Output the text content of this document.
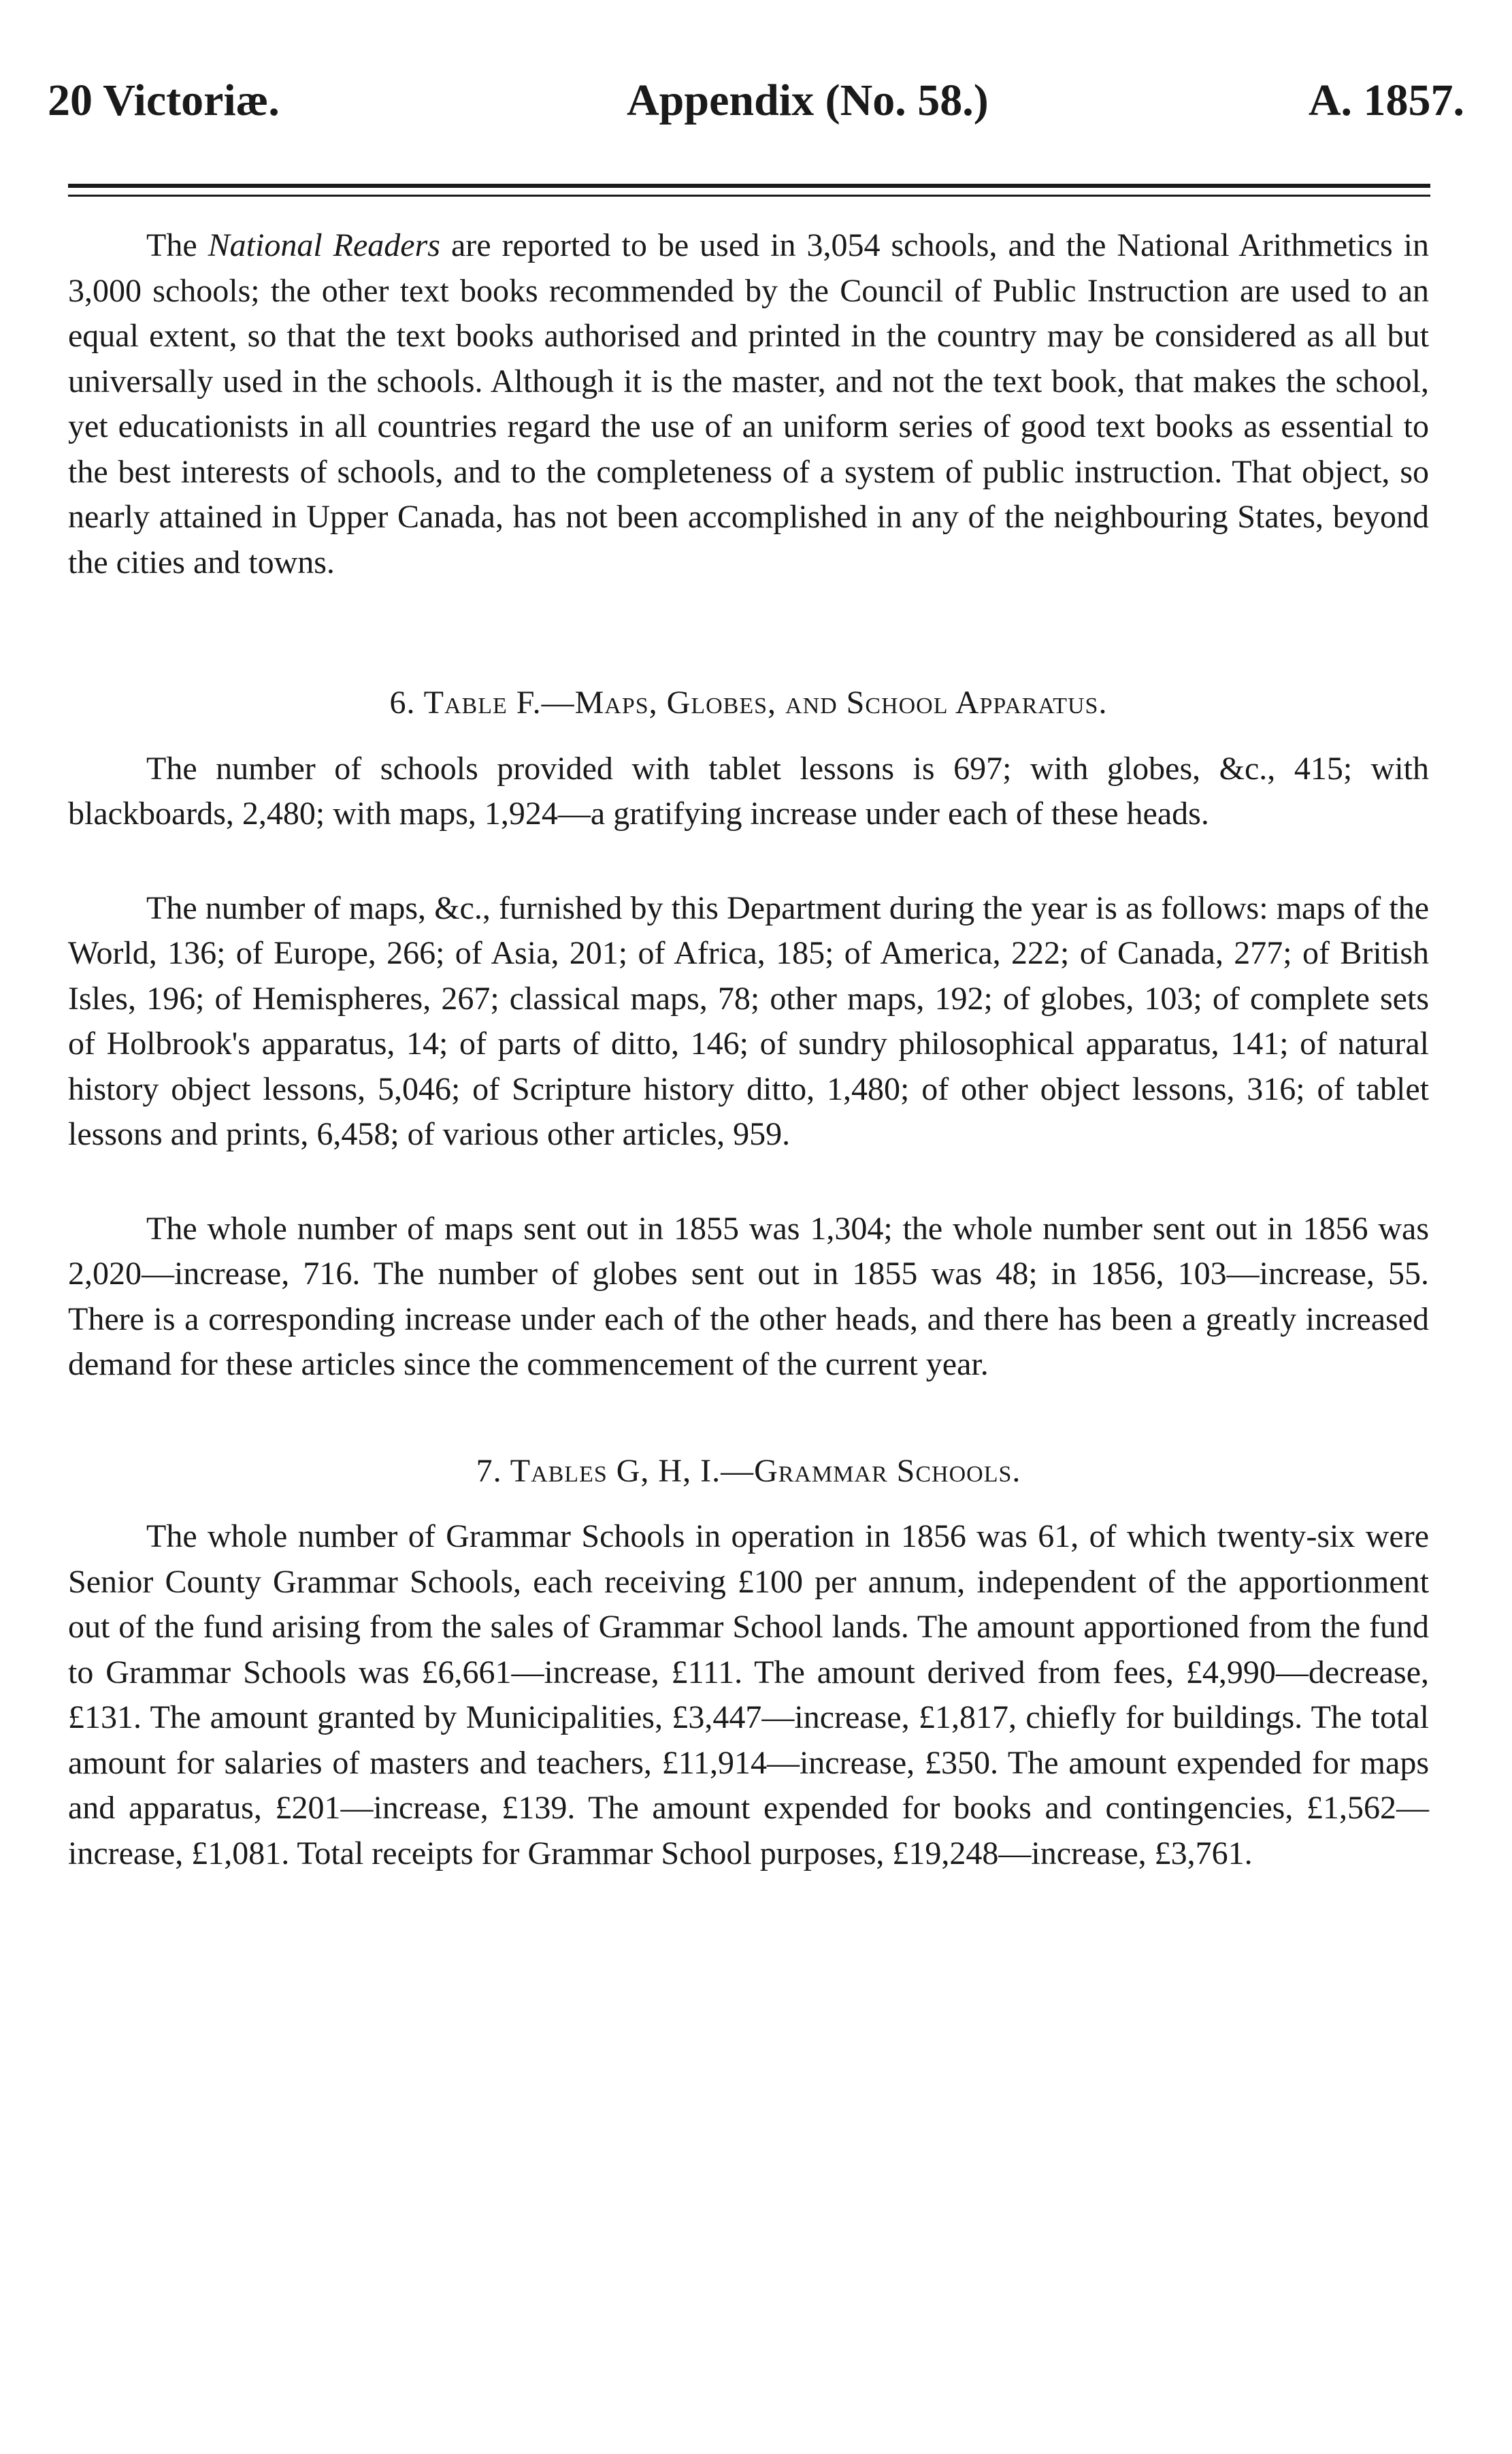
20 Victoriæ.	Appendix (No. 58.)	A. 1857.

The National Readers are reported to be used in 3,054 schools, and the National Arithmetics in 3,000 schools; the other text books recommended by the Council of Public Instruction are used to an equal extent, so that the text books authorised and printed in the country may be considered as all but universally used in the schools. Although it is the master, and not the text book, that makes the school, yet educationists in all countries regard the use of an uniform series of good text books as essential to the best interests of schools, and to the completeness of a system of public instruction. That object, so nearly attained in Upper Canada, has not been accomplished in any of the neighbouring States, beyond the cities and towns.

6. Table F.—Maps, Globes, and School Apparatus.

The number of schools provided with tablet lessons is 697; with globes, &c., 415; with blackboards, 2,480; with maps, 1,924—a gratifying increase under each of these heads.

The number of maps, &c., furnished by this Department during the year is as follows: maps of the World, 136; of Europe, 266; of Asia, 201; of Africa, 185; of America, 222; of Canada, 277; of British Isles, 196; of Hemispheres, 267; classical maps, 78; other maps, 192; of globes, 103; of complete sets of Holbrook's apparatus, 14; of parts of ditto, 146; of sundry philosophical apparatus, 141; of natural history object lessons, 5,046; of Scripture history ditto, 1,480; of other object lessons, 316; of tablet lessons and prints, 6,458; of various other articles, 959.

The whole number of maps sent out in 1855 was 1,304; the whole number sent out in 1856 was 2,020—increase, 716. The number of globes sent out in 1855 was 48; in 1856, 103—increase, 55. There is a corresponding increase under each of the other heads, and there has been a greatly increased demand for these articles since the commencement of the current year.

7. Tables G, H, I.—Grammar Schools.

The whole number of Grammar Schools in operation in 1856 was 61, of which twenty-six were Senior County Grammar Schools, each receiving £100 per annum, independent of the apportionment out of the fund arising from the sales of Grammar School lands. The amount apportioned from the fund to Grammar Schools was £6,661—increase, £111. The amount derived from fees, £4,990—decrease, £131. The amount granted by Municipalities, £3,447—increase, £1,817, chiefly for buildings. The total amount for salaries of masters and teachers, £11,914—increase, £350. The amount expended for maps and apparatus, £201—increase, £139. The amount expended for books and contingencies, £1,562—increase, £1,081. Total receipts for Grammar School purposes, £19,248—increase, £3,761.
